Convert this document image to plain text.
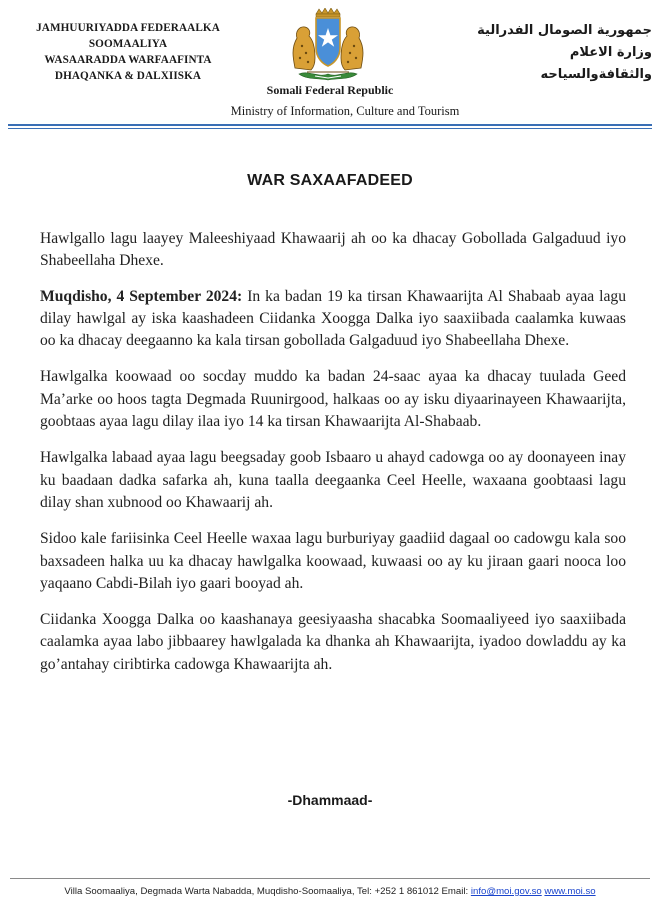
JAMHUURIYADDA FEDERAALKA
SOOMAALIYA
WASAARADDA WARFAAFINTA
DHAQANKA & DALXIISKA
جمهورية الصومال الفدرالية
وزارة الاعلام
والثقافةوالسياحه
Somali Federal Republic
Ministry of Information, Culture and Tourism
WAR SAXAAFADEED

Hawlgallo lagu laayey Maleeshiyaad Khawaarij ah oo ka dhacay Gobollada Galgaduud iyo Shabeellaha Dhexe.

Muqdisho, 4 September 2024: In ka badan 19 ka tirsan Khawaarijta Al Shabaab ayaa lagu dilay hawlgal ay iska kaashadeen Ciidanka Xoogga Dalka iyo saaxiibada caalamka kuwaas oo ka dhacay deegaanno ka kala tirsan gobollada Galgaduud iyo Shabeellaha Dhexe.

Hawlgalka koowaad oo socday muddo ka badan 24-saac ayaa ka dhacay tuulada Geed Ma’arke oo hoos tagta Degmada Ruunirgood, halkaas oo ay isku diyaarinayeen Khawaarijta, goobtaas ayaa lagu dilay ilaa iyo 14 ka tirsan Khawaarijta Al-Shabaab.

Hawlgalka labaad ayaa lagu beegsaday goob Isbaaro u ahayd cadowga oo ay doonayeen inay ku baadaan dadka safarka ah, kuna taalla deegaanka Ceel Heelle, waxaana goobtaasi lagu dilay shan xubnood oo Khawaarij ah.

Sidoo kale fariisinka Ceel Heelle waxaa lagu burburiyay gaadiid dagaal oo cadowgu kala soo baxsadeen halka uu ka dhacay hawlgalka koowaad, kuwaasi oo ay ku jiraan gaari nooca loo yaqaano Cabdi-Bilah iyo gaari booyad ah.

Ciidanka Xoogga Dalka oo kaashanaya geesiyaasha shacabka Soomaaliyeed iyo saaxiibada caalamka ayaa labo jibbaarey hawlgalada ka dhanka ah Khawaarijta, iyadoo dowladdu ay ka go’antahay ciribtirka cadowga Khawaarijta ah.

-Dhammaad-
Villa Soomaaliya, Degmada Warta Nabadda, Muqdisho-Soomaaliya, Tel: +252 1 861012 Email: info@moi.gov.so www.moi.so
